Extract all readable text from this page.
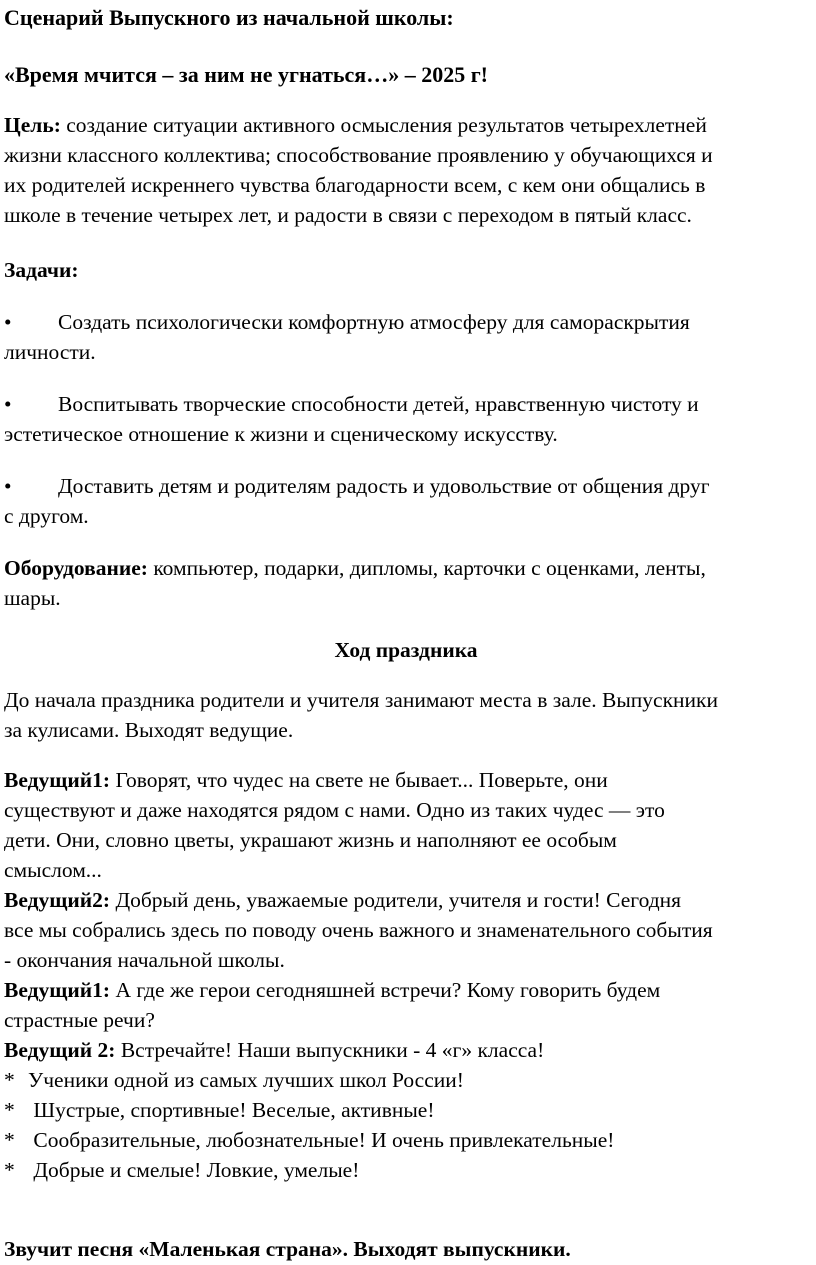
Сценарий Выпускного из начальной школы:

«Время мчится – за ним не угнаться…» – 2025 г!

Цель: создание ситуации активного осмысления результатов четырехлетней

жизни классного коллектива; способствование проявлению у обучающихся и

их родителей искреннего чувства благодарности всем, с кем они общались в

школе в течение четырех лет, и радости в связи с переходом в пятый класс.

Задачи:

• Создать психологически комфортную атмосферу для самораскрытия

личности.

• Воспитывать творческие способности детей, нравственную чистоту и

эстетическое отношение к жизни и сценическому искусству.

• Доставить детям и родителям радость и удовольствие от общения друг

с другом.

Оборудование: компьютер, подарки, дипломы, карточки с оценками, ленты,

шары.

Ход праздника

До начала праздника родители и учителя занимают места в зале. Выпускники

за кулисами. Выходят ведущие.

Ведущий1: Говорят, что чудес на свете не бывает... Поверьте, они

существуют и даже находятся рядом с нами. Одно из таких чудес — это

дети. Они, словно цветы, украшают жизнь и наполняют ее особым

смыслом...

Ведущий2: Добрый день, уважаемые родители, учителя и гости! Сегодня

все мы собрались здесь по поводу очень важного и знаменательного события

- окончания начальной школы.

Ведущий1: А где же герои сегодняшней встречи? Кому говорить будем

страстные речи?

Ведущий 2: Встречайте! Наши выпускники - 4 «г» класса!

* Ученики одной из самых лучших школ России!

* Шустрые, спортивные! Веселые, активные!

* Сообразительные, любознательные! И очень привлекательные!

* Добрые и смелые! Ловкие, умелые!

Звучит песня «Маленькая страна». Выходят выпускники.
